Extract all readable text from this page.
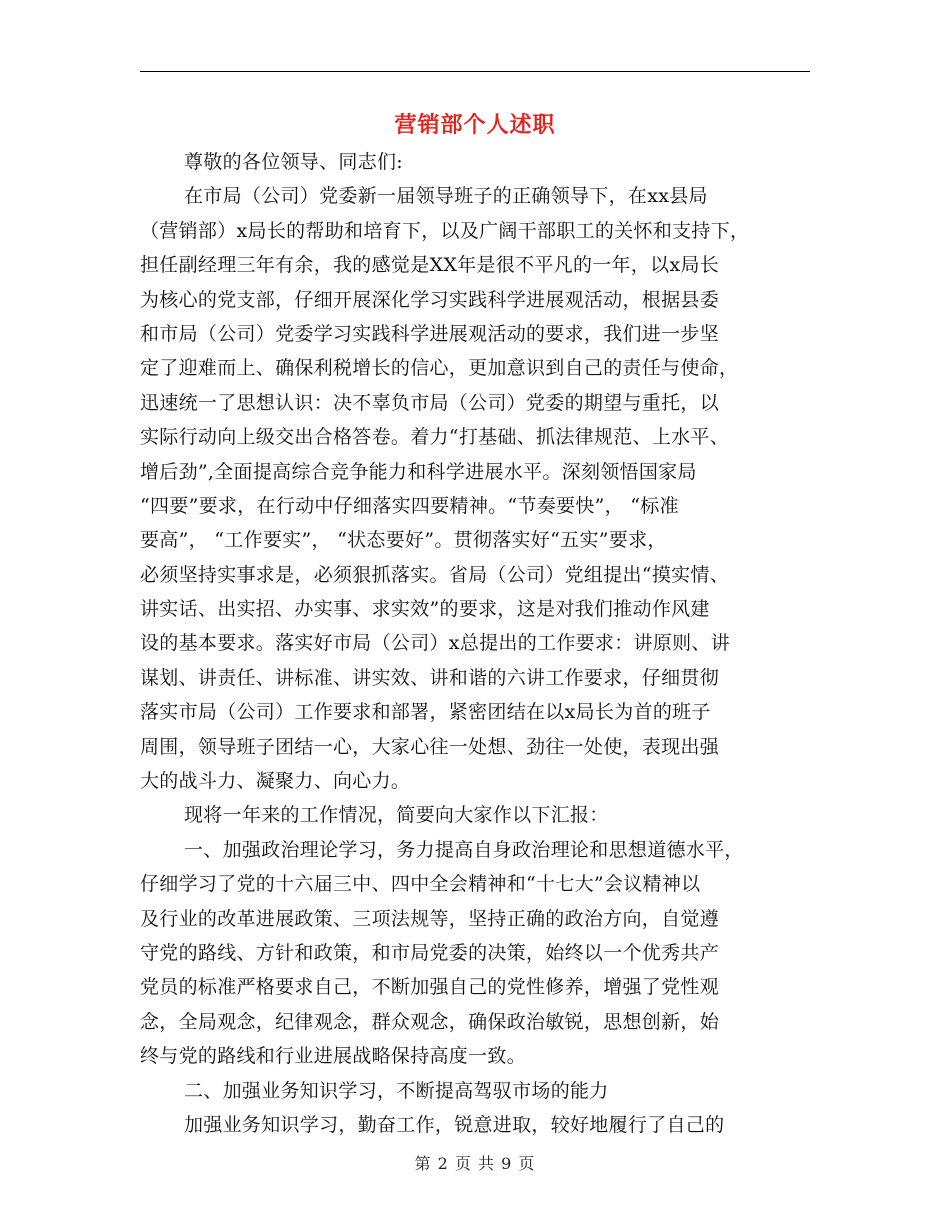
营销部个人述职
尊敬的各位领导、同志们:
在市局（公司）党委新一届领导班子的正确领导下，在xx县局
（营销部）x局长的帮助和培育下，以及广阔干部职工的关怀和支持下，
担任副经理三年有余，我的感觉是XX年是很不平凡的一年，以x局长
为核心的党支部，仔细开展深化学习实践科学进展观活动，根据县委
和市局（公司）党委学习实践科学进展观活动的要求，我们进一步坚
定了迎难而上、确保利税增长的信心，更加意识到自己的责任与使命，
迅速统一了思想认识：决不辜负市局（公司）党委的期望与重托，以
实际行动向上级交出合格答卷。着力“打基础、抓法律规范、上水平、
增后劲”,全面提高综合竞争能力和科学进展水平。深刻领悟国家局
“四要”要求，在行动中仔细落实四要精神。“节奏要快”， “标准
要高”， “工作要实”， “状态要好”。贯彻落实好“五实”要求，
必须坚持实事求是，必须狠抓落实。省局（公司）党组提出“摸实情、
讲实话、出实招、办实事、求实效”的要求，这是对我们推动作风建
设的基本要求。落实好市局（公司）x总提出的工作要求：讲原则、讲
谋划、讲责任、讲标准、讲实效、讲和谐的六讲工作要求，仔细贯彻
落实市局（公司）工作要求和部署，紧密团结在以x局长为首的班子
周围，领导班子团结一心，大家心往一处想、劲往一处使，表现出强
大的战斗力、凝聚力、向心力。
现将一年来的工作情况，简要向大家作以下汇报：
一、加强政治理论学习，务力提高自身政治理论和思想道德水平，
仔细学习了党的十六届三中、四中全会精神和“十七大”会议精神以
及行业的改革进展政策、三项法规等，坚持正确的政治方向，自觉遵
守党的路线、方针和政策，和市局党委的决策，始终以一个优秀共产
党员的标准严格要求自己，不断加强自己的党性修养，增强了党性观
念，全局观念，纪律观念，群众观念，确保政治敏锐，思想创新，始
终与党的路线和行业进展战略保持高度一致。
二、加强业务知识学习，不断提高驾驭市场的能力
加强业务知识学习，勤奋工作，锐意进取，较好地履行了自己的
第 2 页 共 9 页
